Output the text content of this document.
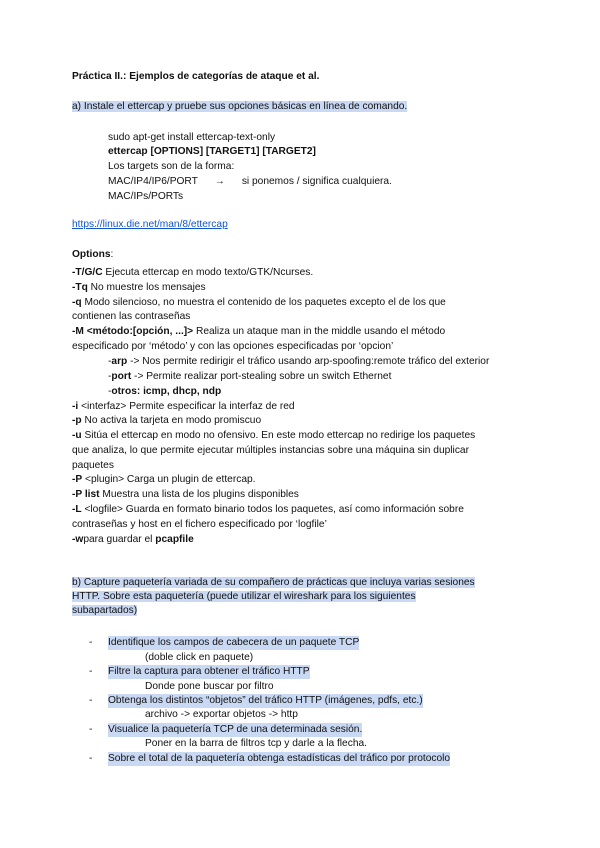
Práctica II.: Ejemplos de categorías de ataque et al.
a) Instale el ettercap y pruebe sus opciones básicas en línea de comando.
sudo apt-get install ettercap-text-only
ettercap [OPTIONS] [TARGET1] [TARGET2]
Los targets son de la forma:
MAC/IP4/IP6/PORT → si ponemos / significa cualquiera.
MAC/IPs/PORTs
https://linux.die.net/man/8/ettercap
Options:
-T/G/C Ejecuta ettercap en modo texto/GTK/Ncurses.
-Tq No muestre los mensajes
-q Modo silencioso, no muestra el contenido de los paquetes excepto el de los que
contienen las contraseñas
-M <método:[opción, ...]> Realiza un ataque man in the middle usando el método
especificado por ‘método’ y con las opciones especificadas por ‘opcion’
-arp -> Nos permite redirigir el tráfico usando arp-spoofing:remote tráfico del exterior
-port -> Permite realizar port-stealing sobre un switch Ethernet
-otros: icmp, dhcp, ndp
-i <interfaz> Permite especificar la interfaz de red
-p No activa la tarjeta en modo promiscuo
-u Sitúa el ettercap en modo no ofensivo. En este modo ettercap no redirige los paquetes
que analiza, lo que permite ejecutar múltiples instancias sobre una máquina sin duplicar
paquetes
-P <plugin> Carga un plugin de ettercap.
-P list Muestra una lista de los plugins disponibles
-L <logfile> Guarda en formato binario todos los paquetes, así como información sobre
contraseñas y host en el fichero especificado por ‘logfile’
-wpara guardar el pcapfile
b) Capture paquetería variada de su compañero de prácticas que incluya varias sesiones
HTTP. Sobre esta paquetería (puede utilizar el wireshark para los siguientes
subapartados)
- Identifique los campos de cabecera de un paquete TCP
(doble click en paquete)
- Filtre la captura para obtener el tráfico HTTP
Donde pone buscar por filtro
- Obtenga los distintos “objetos” del tráfico HTTP (imágenes, pdfs, etc.)
archivo -> exportar objetos -> http
- Visualice la paquetería TCP de una determinada sesión.
Poner en la barra de filtros tcp y darle a la flecha.
- Sobre el total de la paquetería obtenga estadísticas del tráfico por protocolo
